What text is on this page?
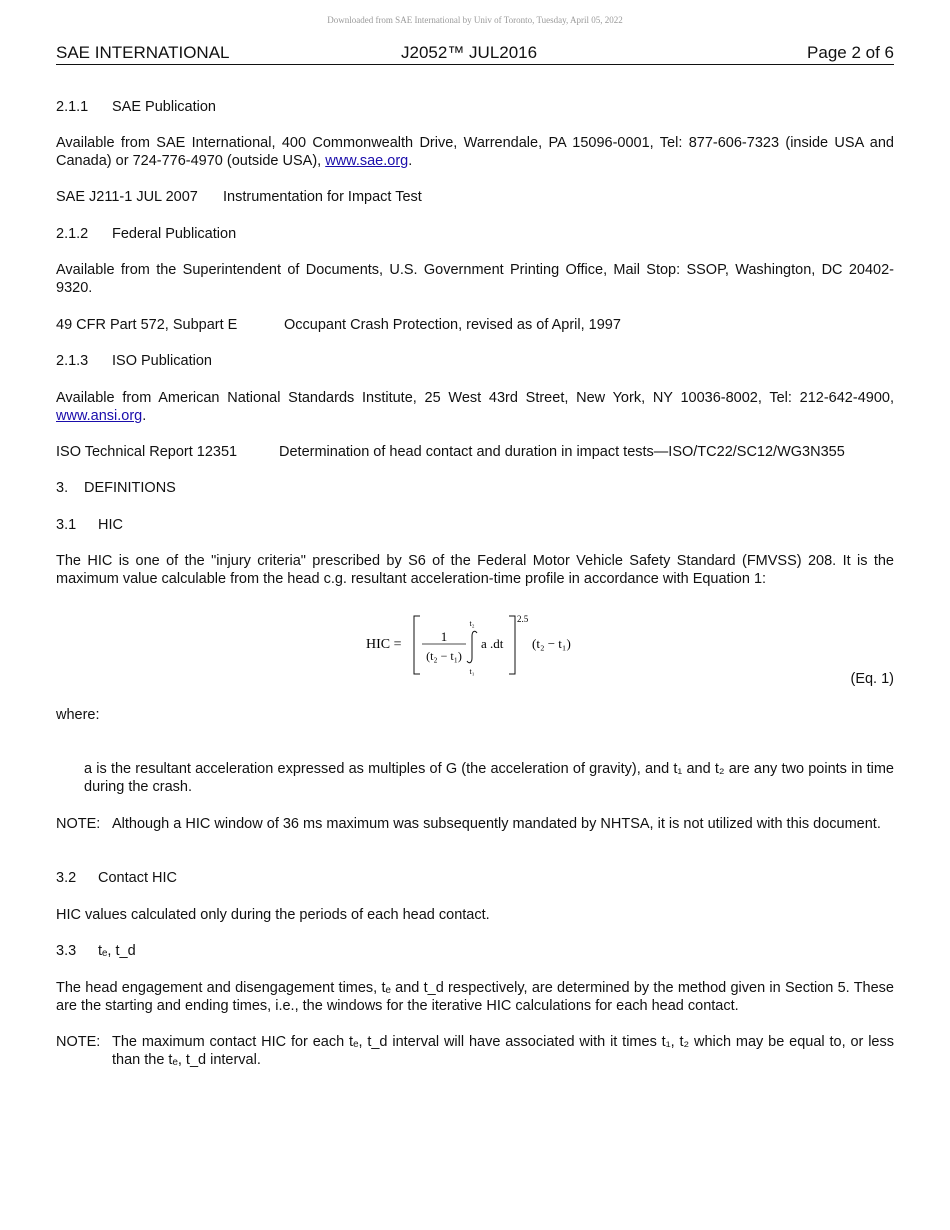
Downloaded from SAE International by Univ of Toronto, Tuesday, April 05, 2022
SAE INTERNATIONAL	J2052™ JUL2016	Page 2 of 6
2.1.1 SAE Publication
Available from SAE International, 400 Commonwealth Drive, Warrendale, PA 15096-0001, Tel: 877-606-7323 (inside USA and Canada) or 724-776-4970 (outside USA), www.sae.org.
SAE J211-1 JUL 2007 Instrumentation for Impact Test
2.1.2 Federal Publication
Available from the Superintendent of Documents, U.S. Government Printing Office, Mail Stop: SSOP, Washington, DC 20402-9320.
49 CFR Part 572, Subpart E	Occupant Crash Protection, revised as of April, 1997
2.1.3 ISO Publication
Available from American National Standards Institute, 25 West 43rd Street, New York, NY 10036-8002, Tel: 212-642-4900, www.ansi.org.
ISO Technical Report 12351	Determination of head contact and duration in impact tests—ISO/TC22/SC12/WG3N355
3. DEFINITIONS
3.1 HIC
The HIC is one of the "injury criteria" prescribed by S6 of the Federal Motor Vehicle Safety Standard (FMVSS) 208. It is the maximum value calculable from the head c.g. resultant acceleration-time profile in accordance with Equation 1:
HIC =
1
(t₂ − t₁)
t₂
t₁
a .dt
2.5
(t₂ − t₁)
(Eq. 1)
where:
a is the resultant acceleration expressed as multiples of G (the acceleration of gravity), and t₁ and t₂ are any two points in time during the crash.
NOTE: Although a HIC window of 36 ms maximum was subsequently mandated by NHTSA, it is not utilized with this document.
3.2 Contact HIC
HIC values calculated only during the periods of each head contact.
3.3 tₑ, t_d
The head engagement and disengagement times, tₑ and t_d respectively, are determined by the method given in Section 5. These are the starting and ending times, i.e., the windows for the iterative HIC calculations for each head contact.
NOTE: The maximum contact HIC for each tₑ, t_d interval will have associated with it times t₁, t₂ which may be equal to, or less than the tₑ, t_d interval.
